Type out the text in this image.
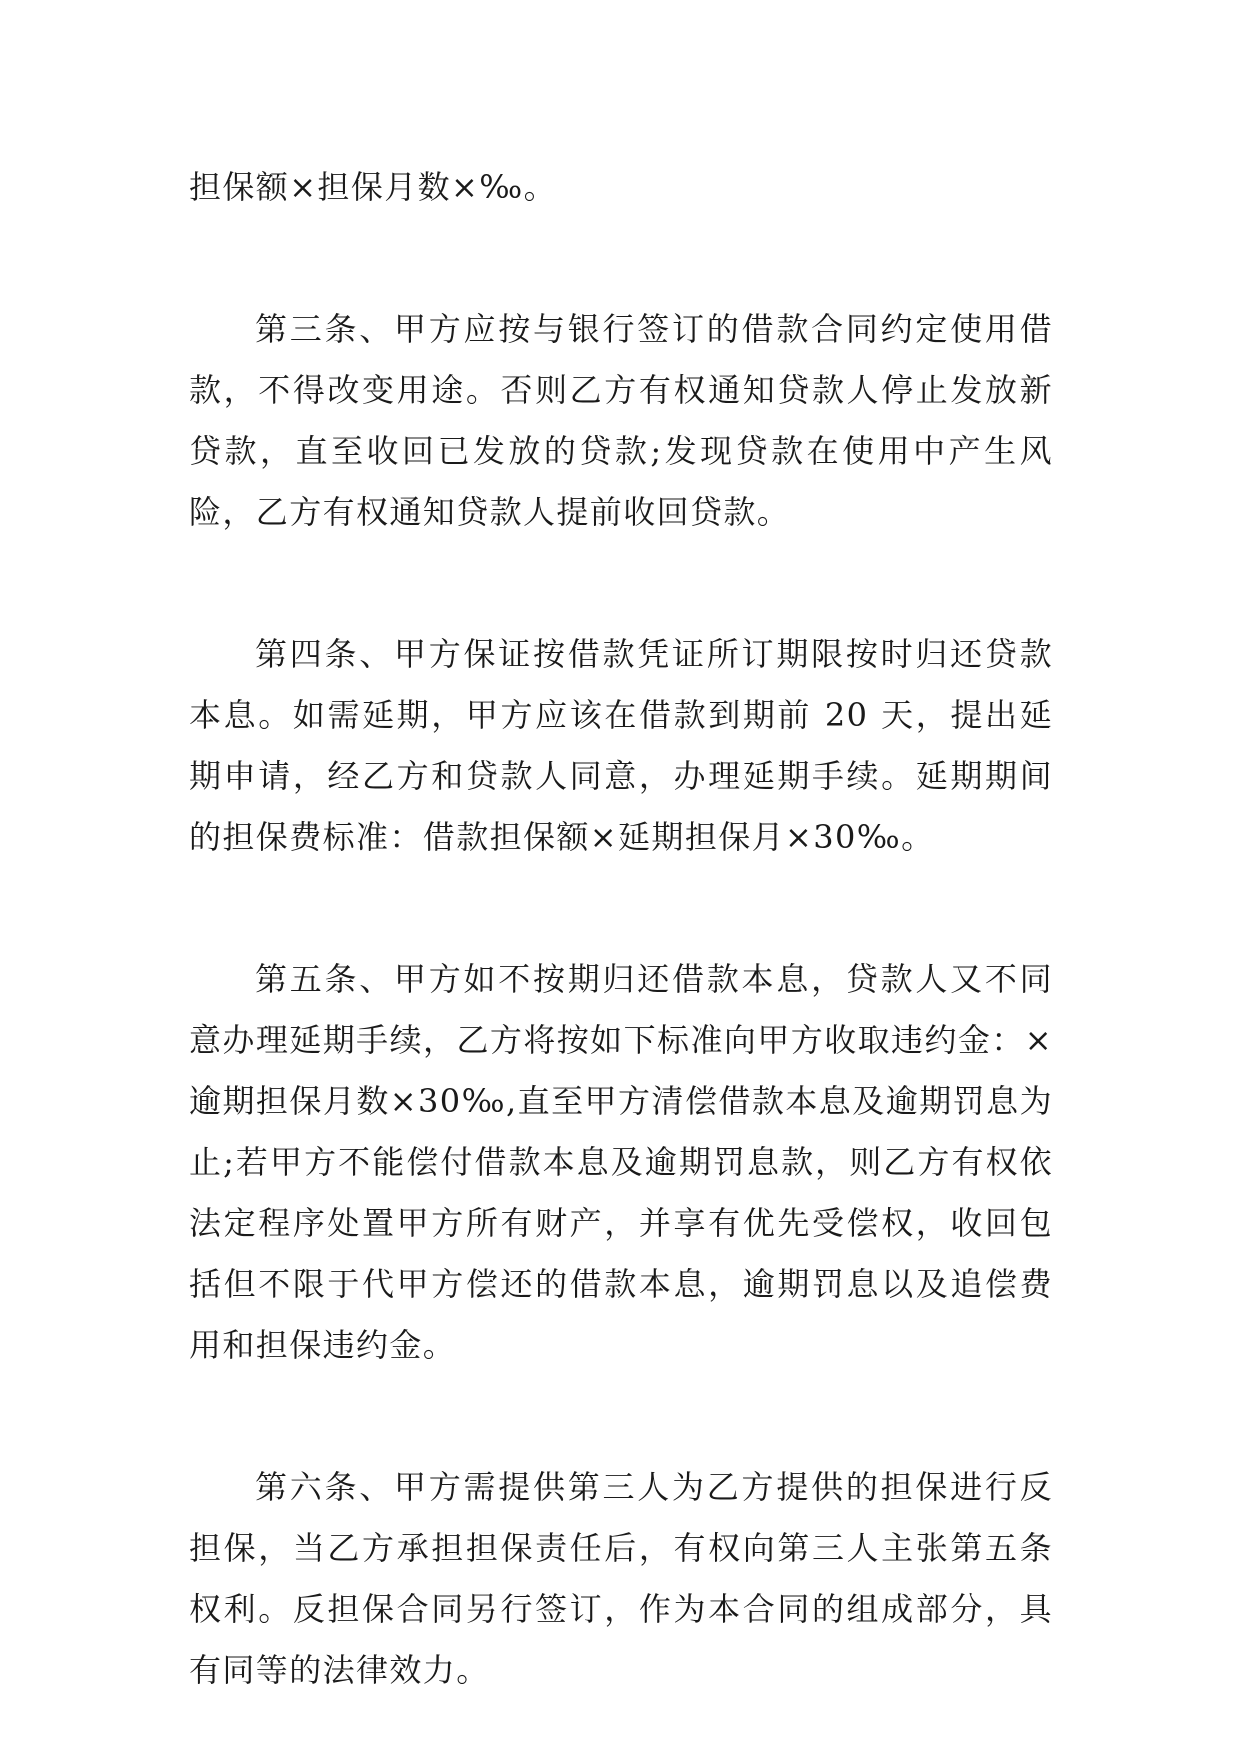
担保额×担保月数×‰。

第三条、甲方应按与银行签订的借款合同约定使用借款，不得改变用途。否则乙方有权通知贷款人停止发放新贷款，直至收回已发放的贷款;发现贷款在使用中产生风险，乙方有权通知贷款人提前收回贷款。

第四条、甲方保证按借款凭证所订期限按时归还贷款本息。如需延期，甲方应该在借款到期前 20 天，提出延期申请，经乙方和贷款人同意，办理延期手续。延期期间的担保费标准：借款担保额×延期担保月×30‰。

第五条、甲方如不按期归还借款本息，贷款人又不同意办理延期手续，乙方将按如下标准向甲方收取违约金：×逾期担保月数×30‰,直至甲方清偿借款本息及逾期罚息为止;若甲方不能偿付借款本息及逾期罚息款，则乙方有权依法定程序处置甲方所有财产，并享有优先受偿权，收回包括但不限于代甲方偿还的借款本息，逾期罚息以及追偿费用和担保违约金。

第六条、甲方需提供第三人为乙方提供的担保进行反担保，当乙方承担担保责任后，有权向第三人主张第五条权利。反担保合同另行签订，作为本合同的组成部分，具有同等的法律效力。
